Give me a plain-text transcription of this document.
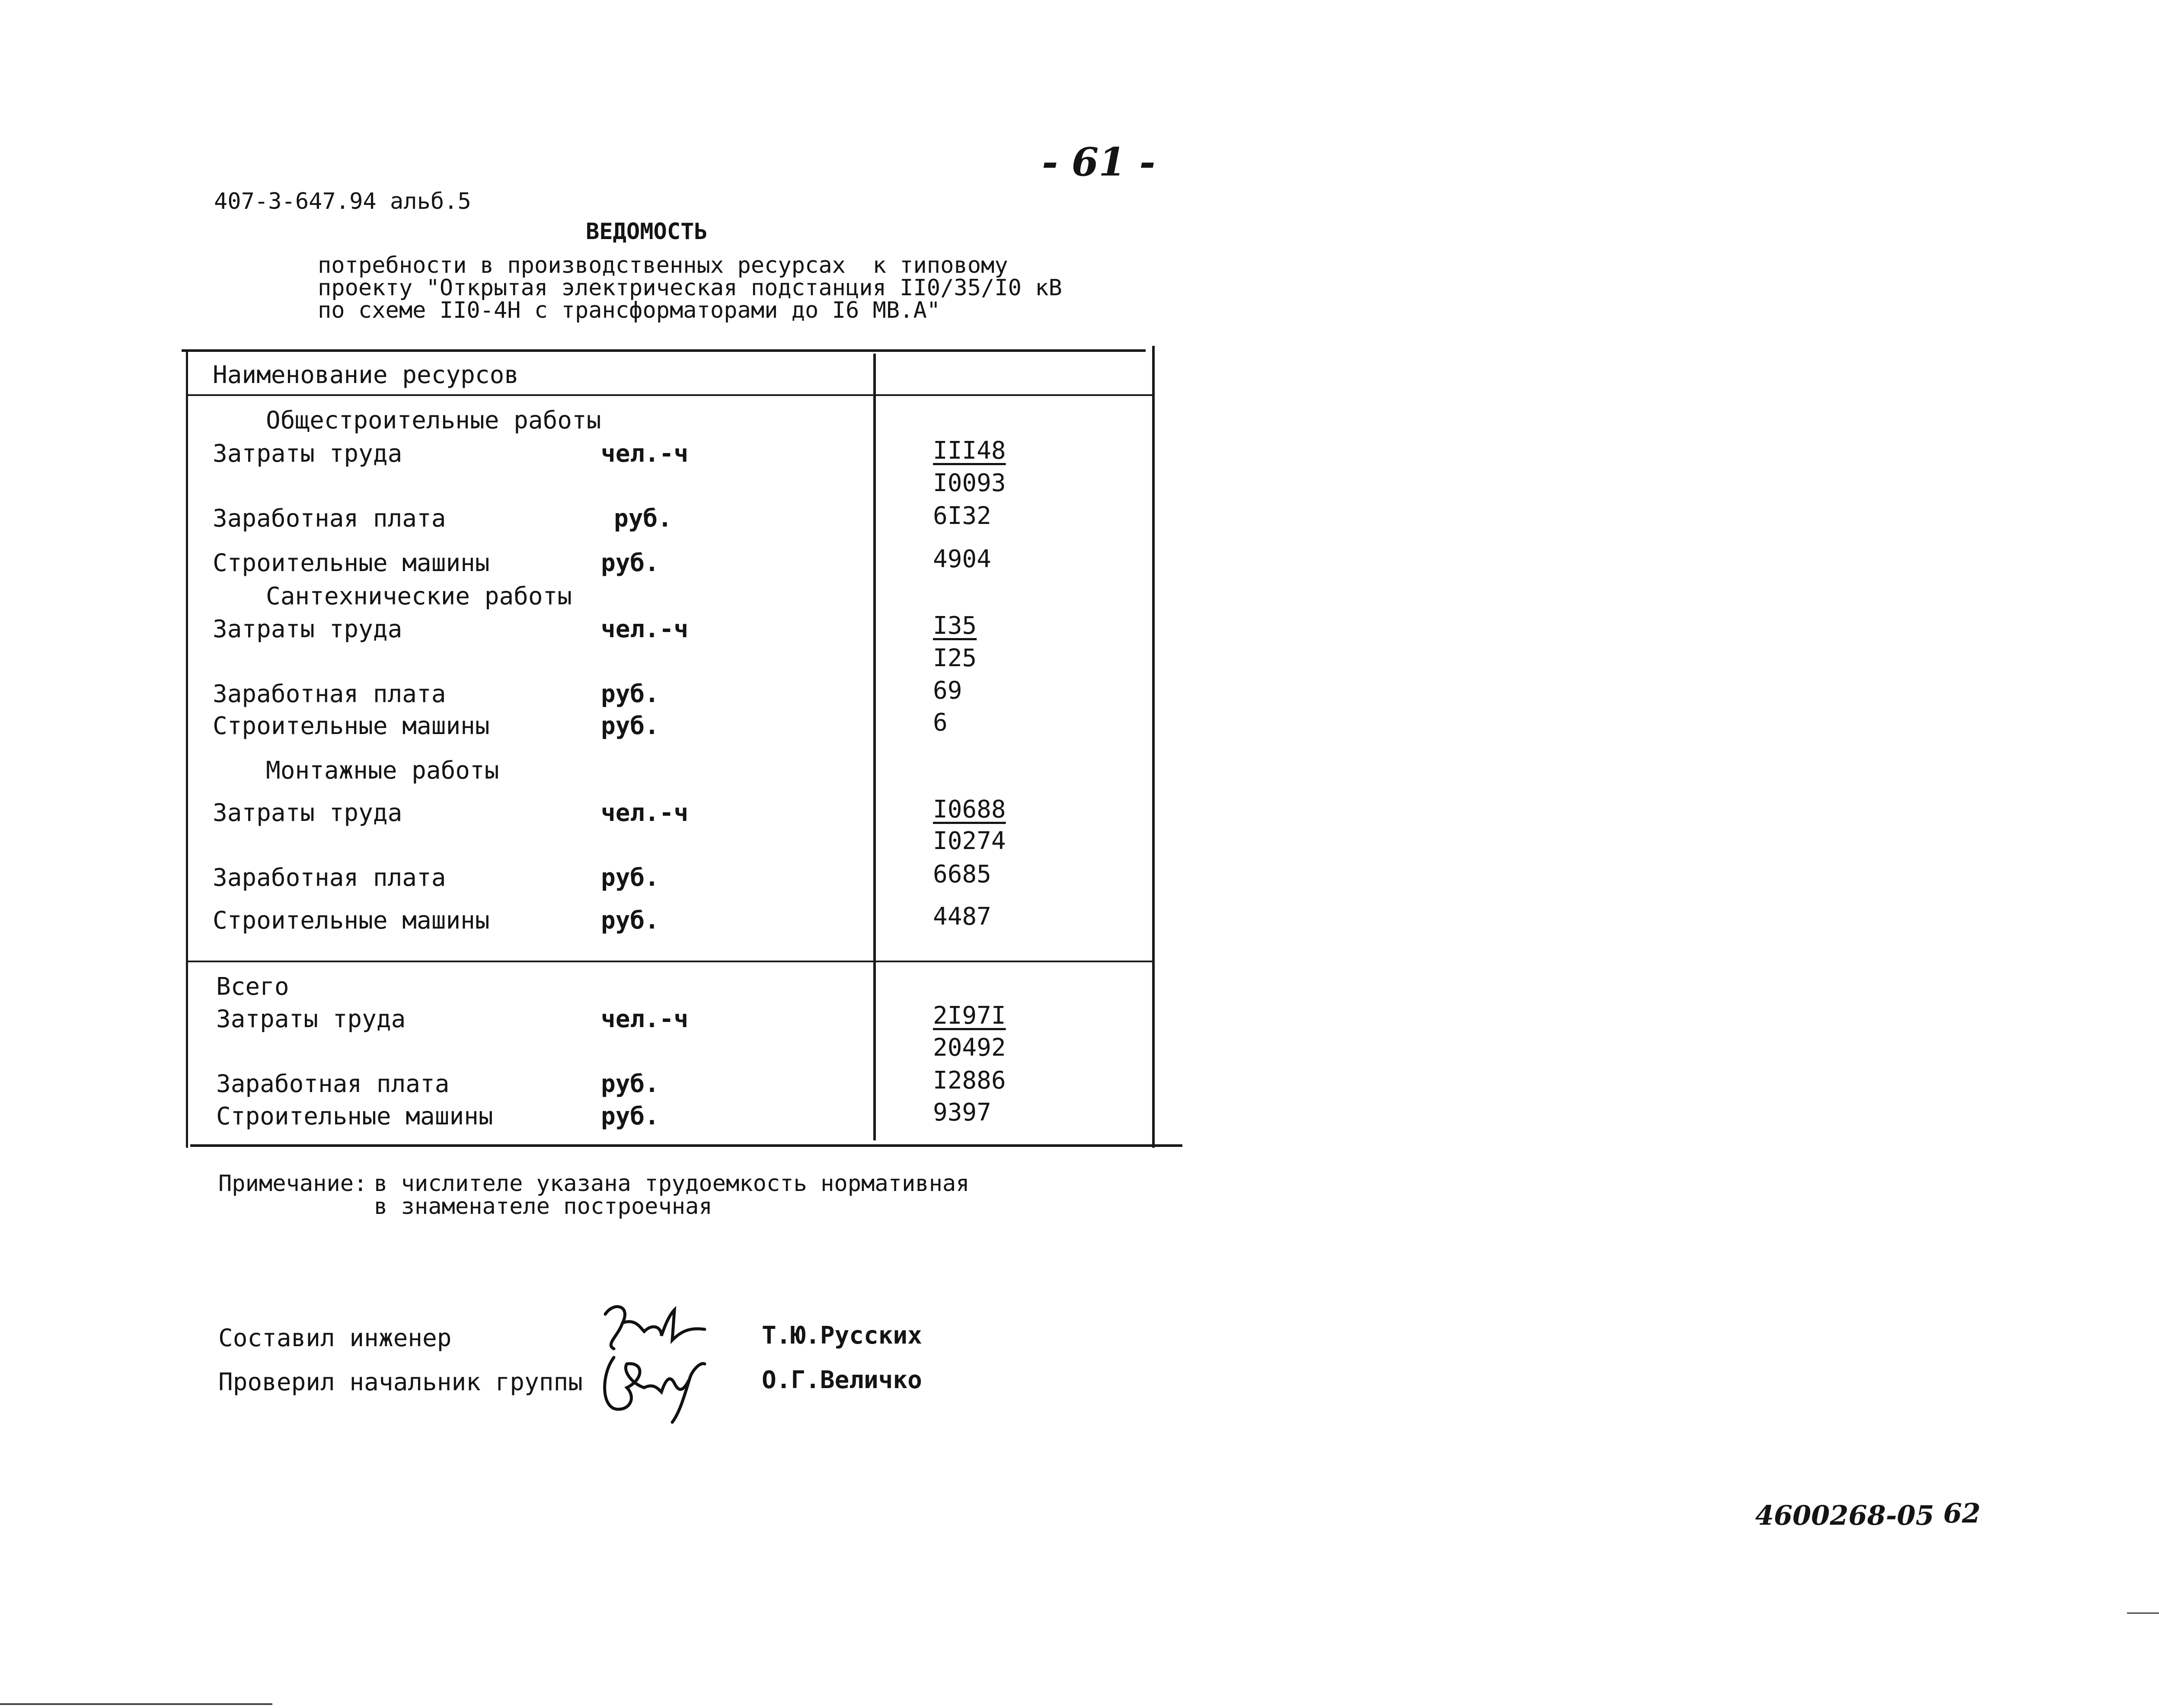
- 61 -
407-3-647.94 альб.5
ВЕДОМОСТЬ
потребности в производственных ресурсах  к типовому
проекту "Открытая электрическая подстанция II0/35/I0 кВ
по схеме II0-4Н с трансформаторами до I6 МВ.А"
Наименование ресурсов
Общестроительные работы
Затраты труда	чел.-ч	III48
I0093
Заработная плата	руб.	6I32
Строительные машины	руб.	4904
Сантехнические работы
Затраты труда	чел.-ч	I35
I25
Заработная плата	руб.	69
Строительные машины	руб.	6
Монтажные работы
Затраты труда	чел.-ч	I0688
I0274
Заработная плата	руб.	6685
Строительные машины	руб.	4487
Всего
Затраты труда	чел.-ч	2I97I
20492
Заработная плата	руб.	I2886
Строительные машины	руб.	9397
Примечание: в числителе указана трудоемкость нормативная
в знаменателе построечная
Составил инженер	Т.Ю.Русских
Проверил начальник группы	О.Г.Величко
4600268-05 62
